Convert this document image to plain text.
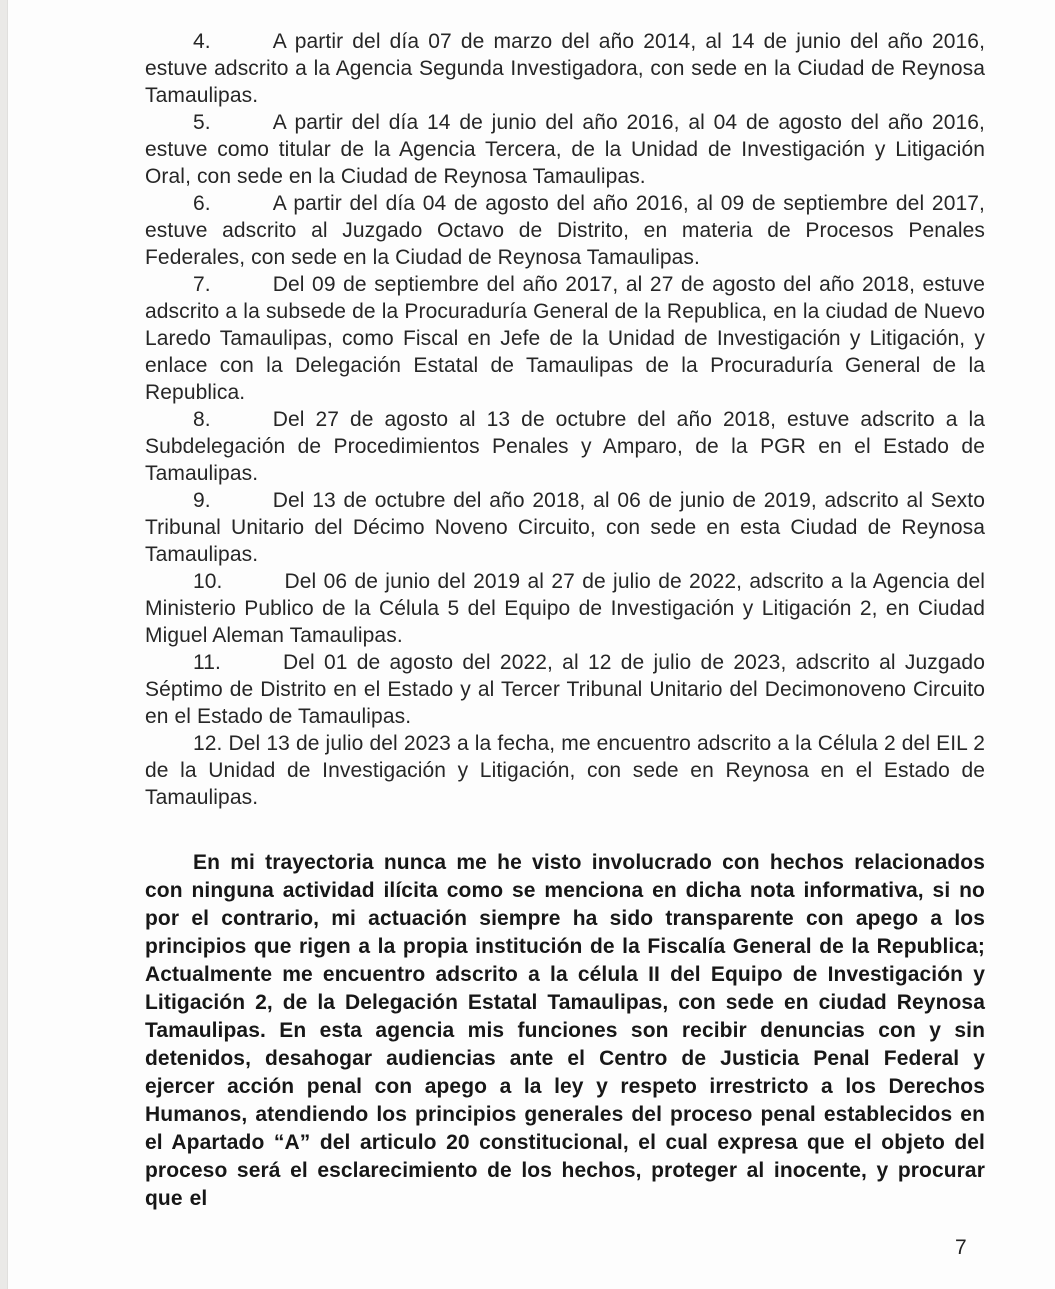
4.	A partir del día 07 de marzo del año 2014, al 14 de junio del año 2016, estuve adscrito a la Agencia Segunda Investigadora, con sede en la Ciudad de Reynosa Tamaulipas.

5.	A partir del día 14 de junio del año 2016, al 04 de agosto del año 2016, estuve como titular de la Agencia Tercera, de la Unidad de Investigación y Litigación Oral, con sede en la Ciudad de Reynosa Tamaulipas.

6.	A partir del día 04 de agosto del año 2016, al 09 de septiembre del 2017, estuve adscrito al Juzgado Octavo de Distrito, en materia de Procesos Penales Federales, con sede en la Ciudad de Reynosa Tamaulipas.

7.	Del 09 de septiembre del año 2017, al 27 de agosto del año 2018, estuve adscrito a la subsede de la Procuraduría General de la Republica, en la ciudad de Nuevo Laredo Tamaulipas, como Fiscal en Jefe de la Unidad de Investigación y Litigación, y enlace con la Delegación Estatal de Tamaulipas de la Procuraduría General de la Republica.

8.	Del 27 de agosto al 13 de octubre del año 2018, estuve adscrito a la Subdelegación de Procedimientos Penales y Amparo, de la PGR en el Estado de Tamaulipas.

9.	Del 13 de octubre del año 2018, al 06 de junio de 2019, adscrito al Sexto Tribunal Unitario del Décimo Noveno Circuito, con sede en esta Ciudad de Reynosa Tamaulipas.

10.	Del 06 de junio del 2019 al 27 de julio de 2022, adscrito a la Agencia del Ministerio Publico de la Célula 5 del Equipo de Investigación y Litigación 2, en Ciudad Miguel Aleman Tamaulipas.

11.	Del 01 de agosto del 2022, al 12 de julio de 2023, adscrito al Juzgado Séptimo de Distrito en el Estado y al Tercer Tribunal Unitario del Decimonoveno Circuito en el Estado de Tamaulipas.

12. Del 13 de julio del 2023 a la fecha, me encuentro adscrito a la Célula 2 del EIL 2 de la Unidad de Investigación y Litigación, con sede en Reynosa en el Estado de Tamaulipas.

En mi trayectoria nunca me he visto involucrado con hechos relacionados con ninguna actividad ilícita como se menciona en dicha nota informativa, si no por el contrario, mi actuación siempre ha sido transparente con apego a los principios que rigen a la propia institución de la Fiscalía General de la Republica; Actualmente me encuentro adscrito a la célula II del Equipo de Investigación y Litigación 2, de la Delegación Estatal Tamaulipas, con sede en ciudad Reynosa Tamaulipas. En esta agencia mis funciones son recibir denuncias con y sin detenidos, desahogar audiencias ante el Centro de Justicia Penal Federal y ejercer acción penal con apego a la ley y respeto irrestricto a los Derechos Humanos, atendiendo los principios generales del proceso penal establecidos en el Apartado “A” del articulo 20 constitucional, el cual expresa que el objeto del proceso será el esclarecimiento de los hechos, proteger al inocente, y procurar que el

7
